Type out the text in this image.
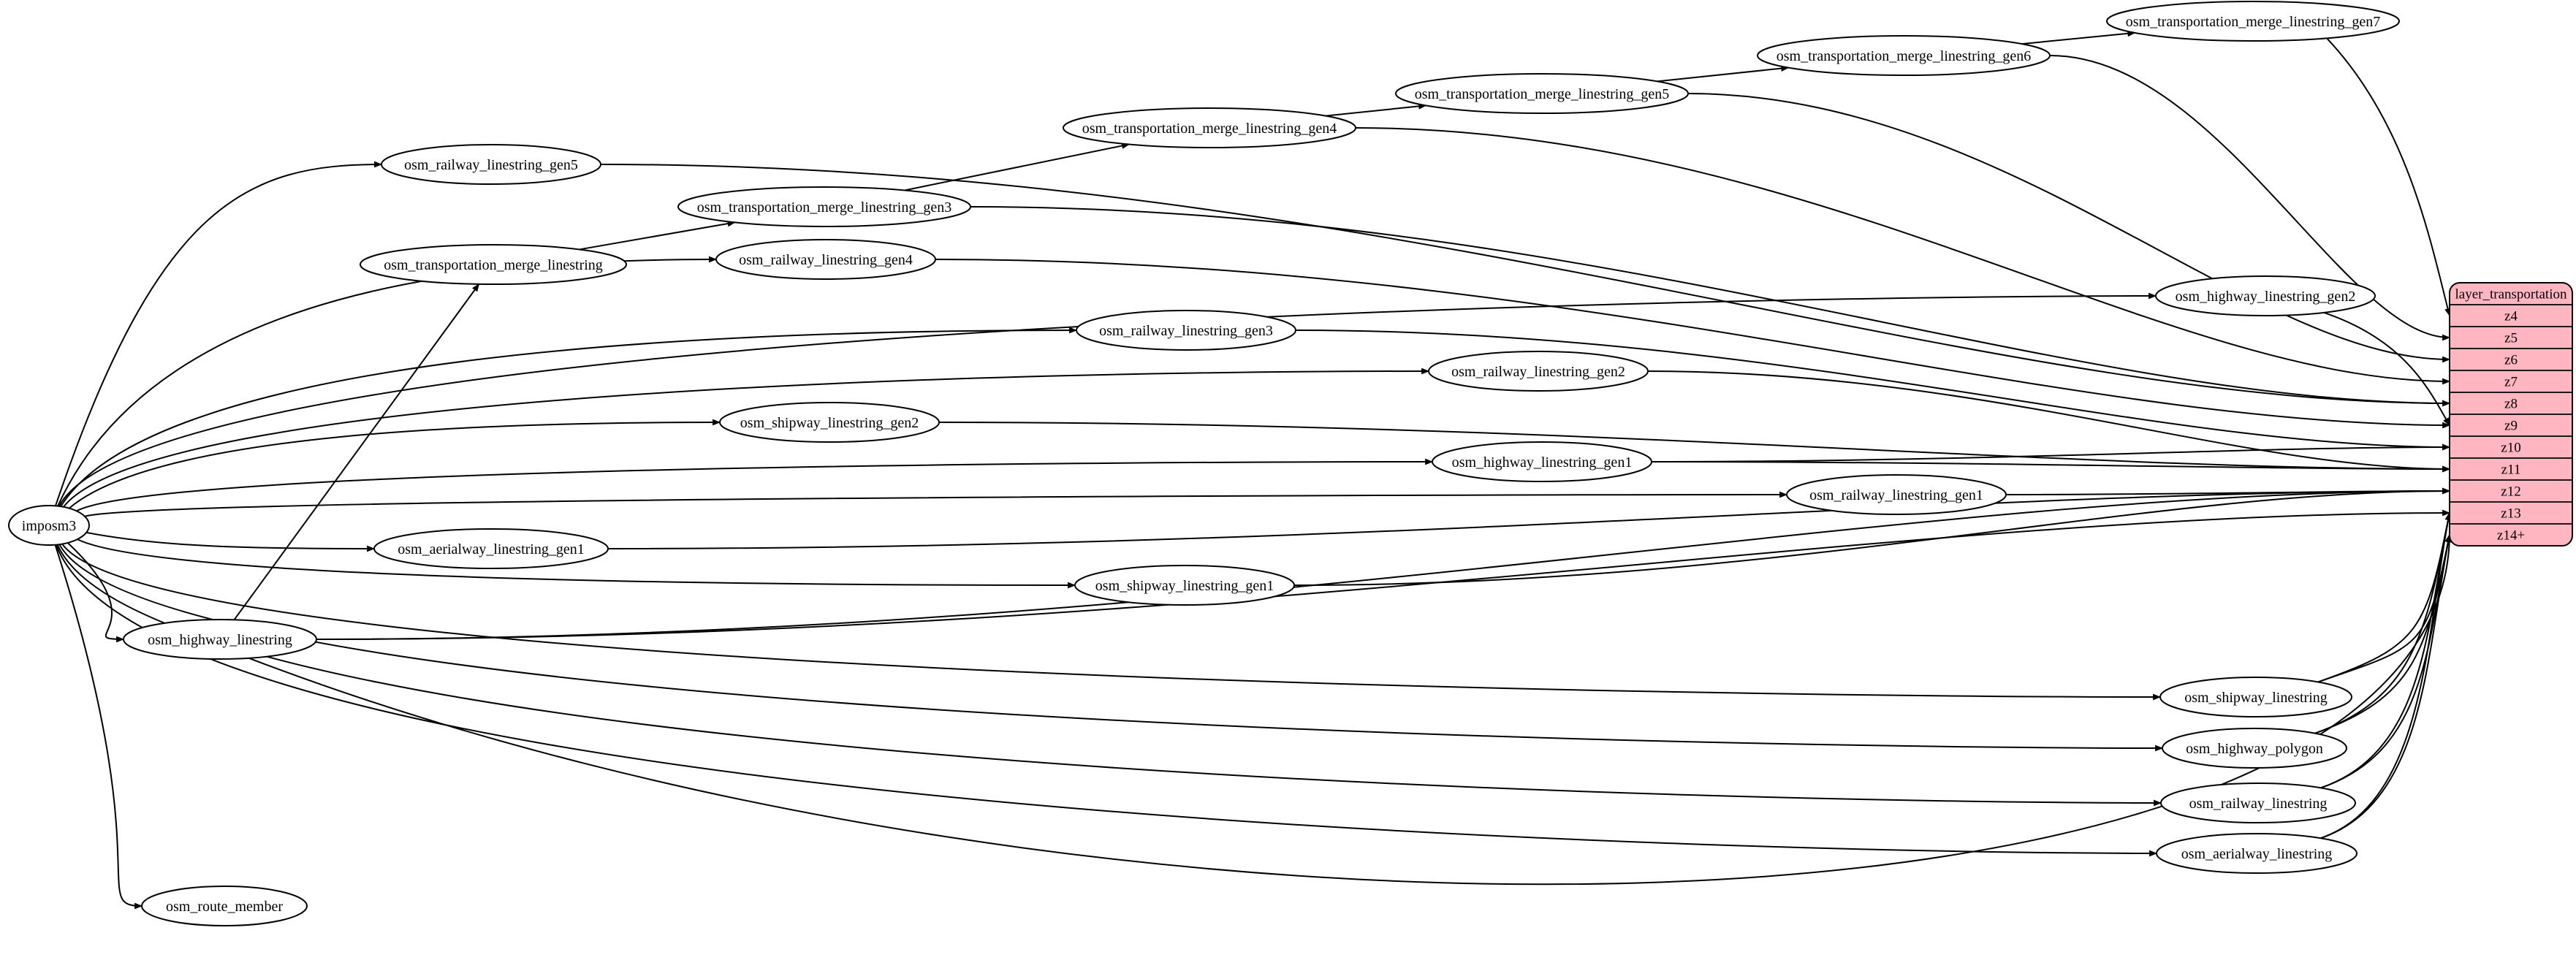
imposm3
osm_railway_linestring_gen5
osm_transportation_merge_linestring_gen3
osm_transportation_merge_linestring	osm_railway_linestring_gen4
osm_transportation_merge_linestring_gen4
osm_transportation_merge_linestring_gen5
osm_transportation_merge_linestring_gen6
osm_transportation_merge_linestring_gen7
osm_highway_linestring_gen2
osm_railway_linestring_gen3
osm_railway_linestring_gen2
osm_shipway_linestring_gen2
osm_highway_linestring_gen1
osm_railway_linestring_gen1
osm_aerialway_linestring_gen1
osm_shipway_linestring_gen1
osm_highway_linestring
osm_shipway_linestring
osm_highway_polygon
osm_railway_linestring
osm_aerialway_linestring
osm_route_member
layer_transportation
z4
z5
z6
z7
z8
z9
z10
z11
z12
z13
z14+
